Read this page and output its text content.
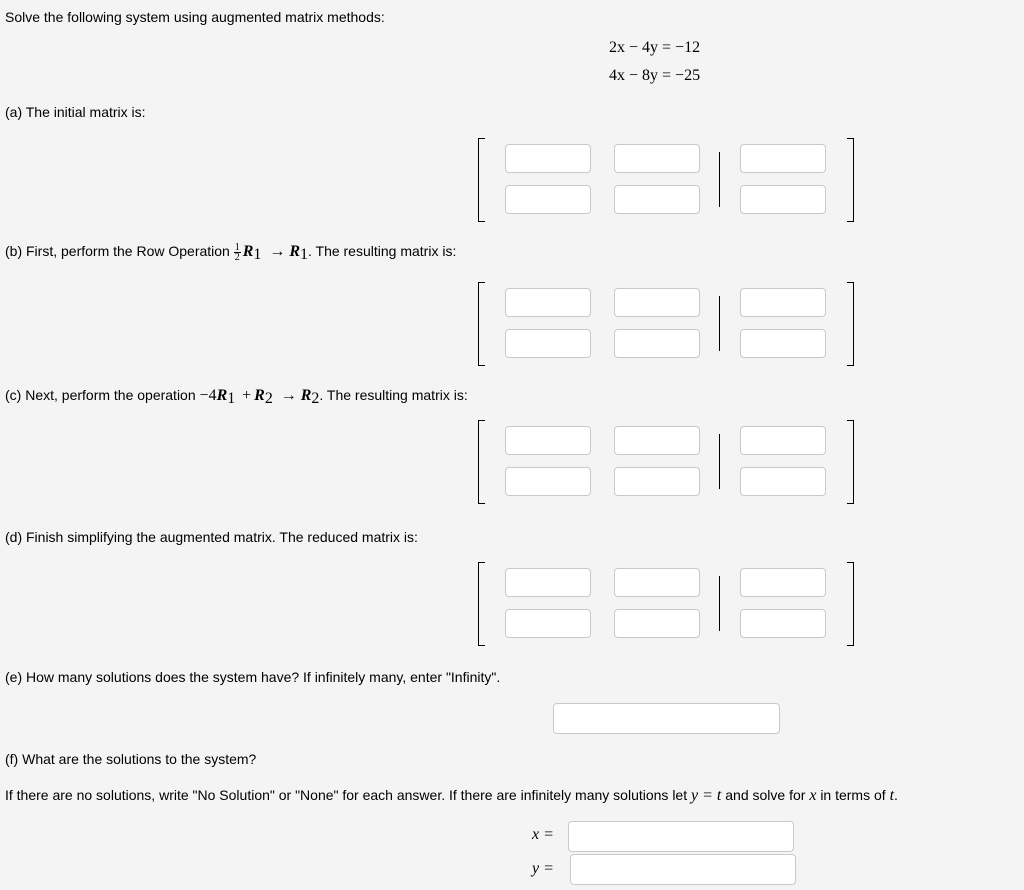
Solve the following system using augmented matrix methods:
2x − 4y = −12
4x − 8y = −25
(a) The initial matrix is:
(b) First, perform the Row Operation $\frac{1}{2} R_1 \to R_1$. The resulting matrix is:
(c) Next, perform the operation $-4R_1 + R_2 \to R_2$. The resulting matrix is:
(d) Finish simplifying the augmented matrix. The reduced matrix is:
(e) How many solutions does the system have? If infinitely many, enter "Infinity".
(f) What are the solutions to the system?
If there are no solutions, write "No Solution" or "None" for each answer. If there are infinitely many solutions let y = t and solve for x in terms of t.
x =
y =
